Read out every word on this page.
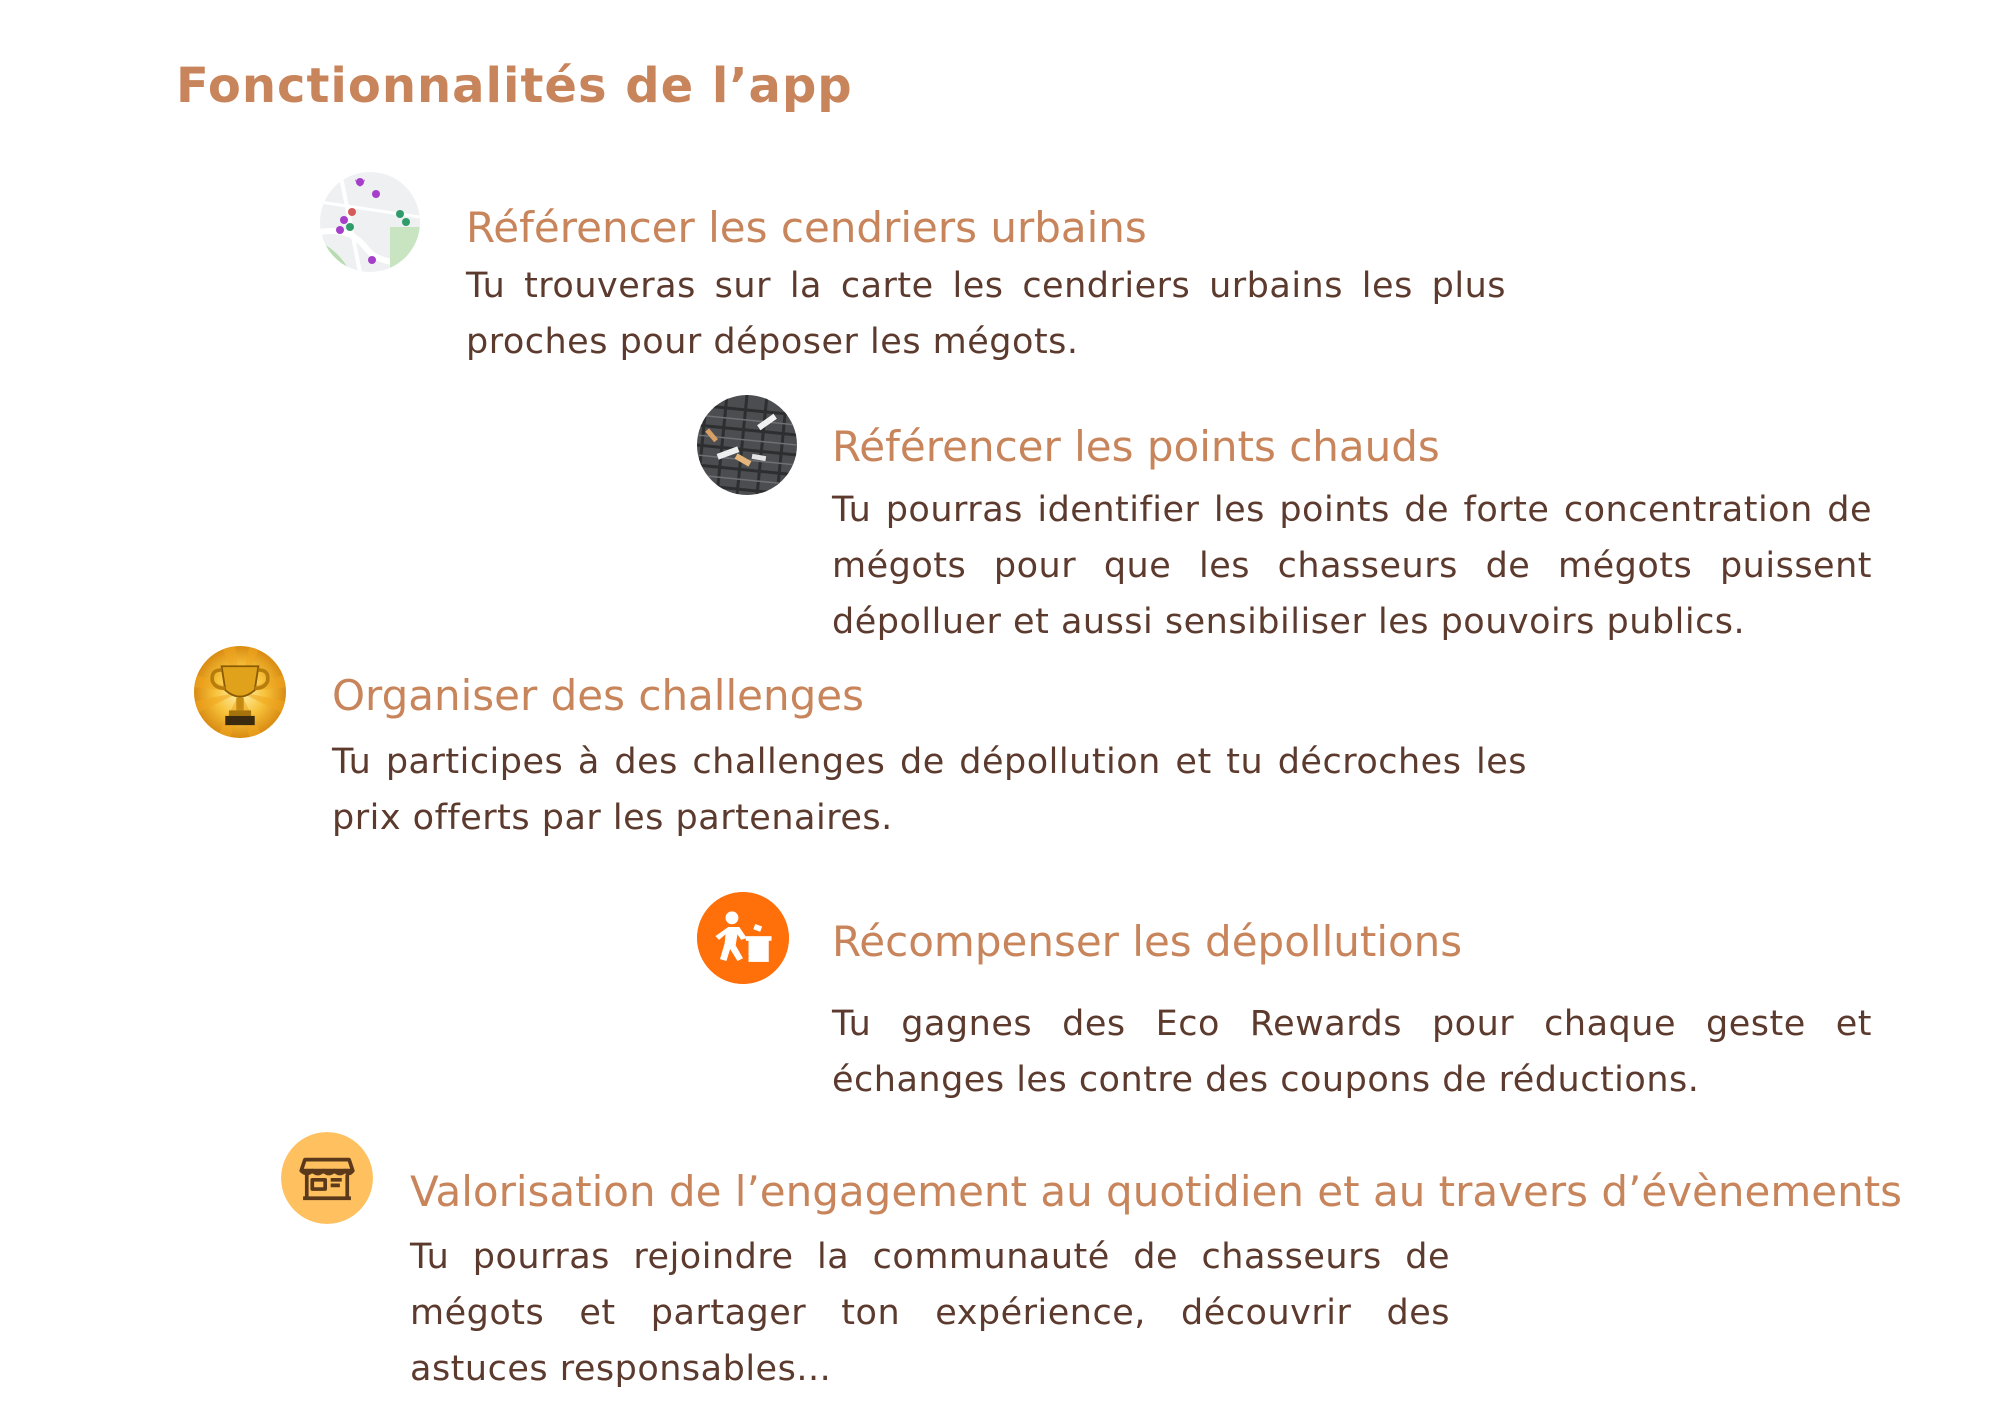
Fonctionnalités de l’app
Référencer les cendriers urbains

Tu trouveras sur la carte les cendriers urbains les plus proches pour déposer les mégots.

Référencer les points chauds

Tu pourras identifier les points de forte concentration de mégots pour que les chasseurs de mégots puissent dépolluer et aussi sensibiliser les pouvoirs publics.

Organiser des challenges

Tu participes à des challenges de dépollution et tu décroches les prix offerts par les partenaires.

Récompenser les dépollutions

Tu gagnes des Eco Rewards pour chaque geste et échanges les contre des coupons de réductions.

Valorisation de l’engagement au quotidien et au travers d’évènements

Tu pourras rejoindre la communauté de chasseurs de mégots et partager ton expérience, découvrir des astuces responsables...
